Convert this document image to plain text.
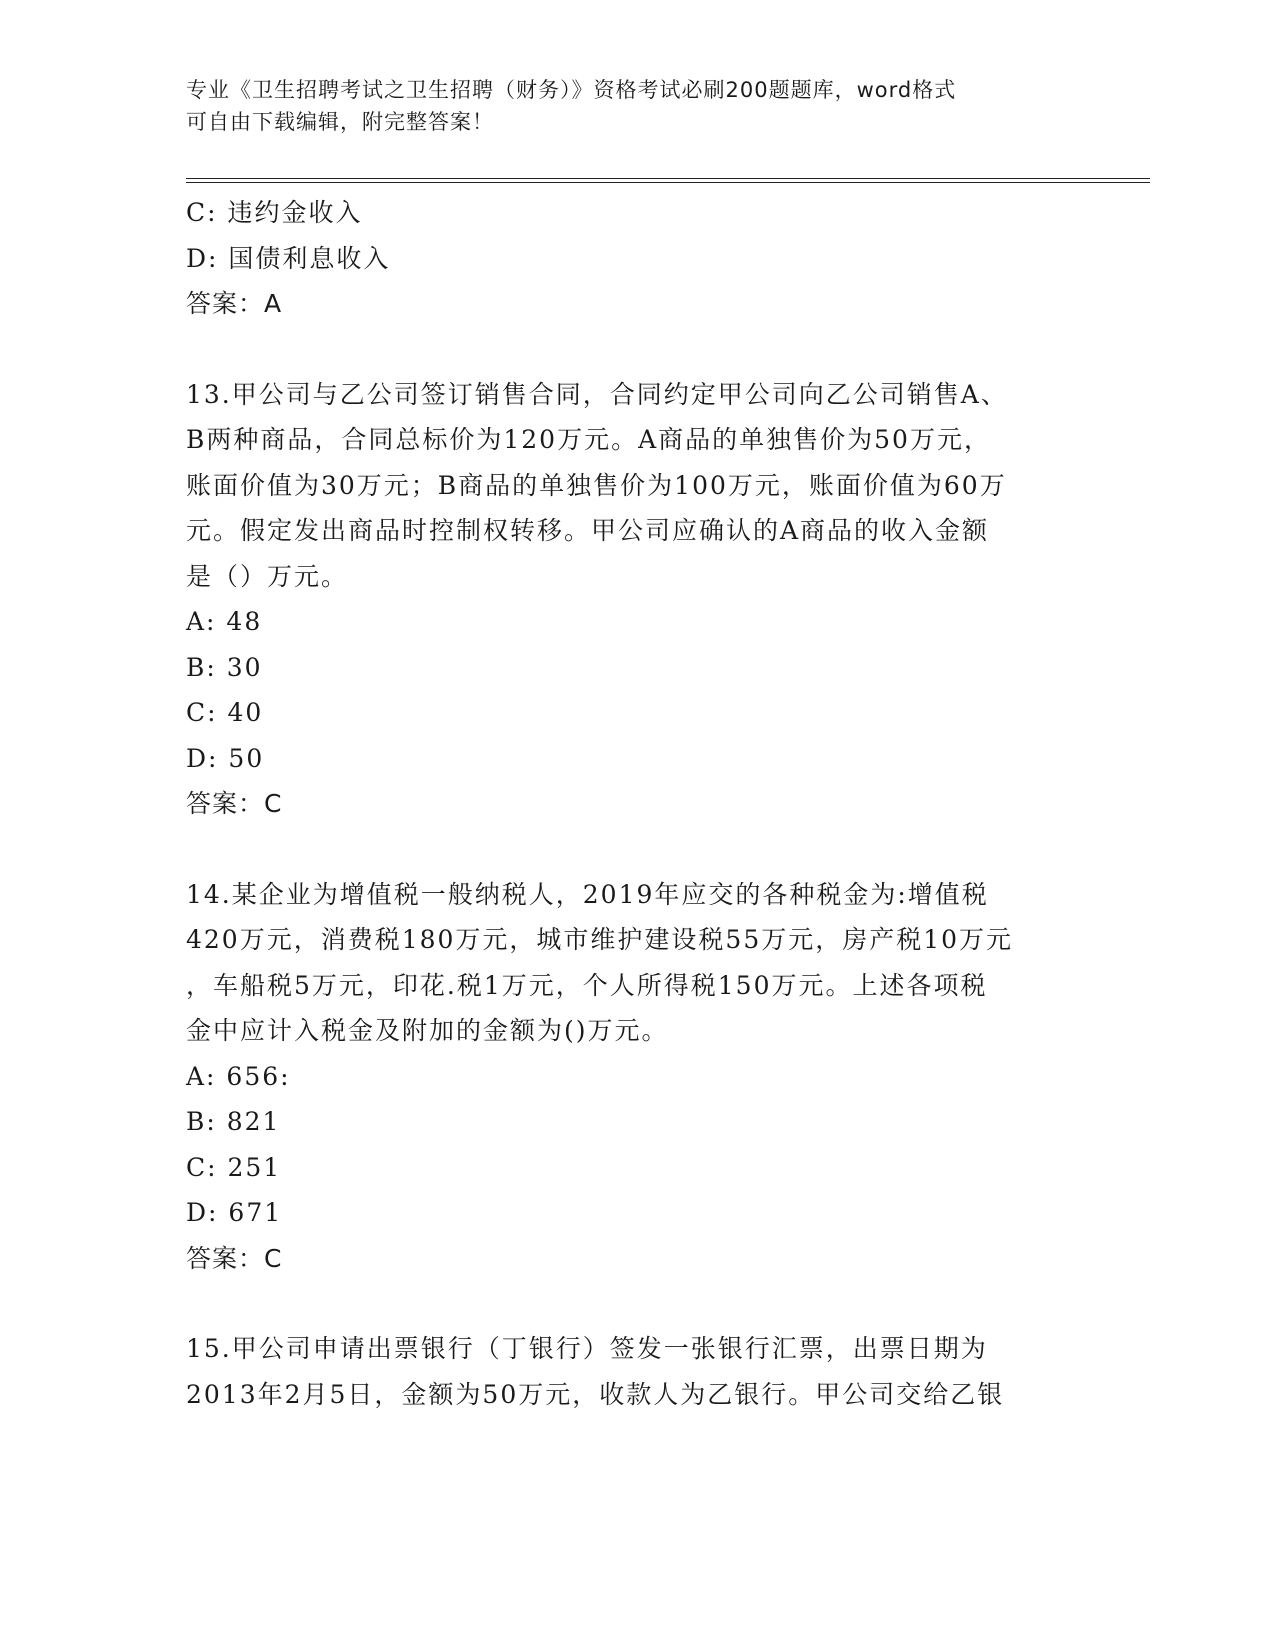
专业《卫生招聘考试之卫生招聘（财务）》资格考试必刷200题题库，word格式
可自由下载编辑，附完整答案！
C: 违约金收入
D: 国债利息收入
答案：A
13.甲公司与乙公司签订销售合同，合同约定甲公司向乙公司销售A、
B两种商品，合同总标价为120万元。A商品的单独售价为50万元，
账面价值为30万元；B商品的单独售价为100万元，账面价值为60万
元。假定发出商品时控制权转移。甲公司应确认的A商品的收入金额
是（）万元。
A: 48
B: 30
C: 40
D: 50
答案：C
14.某企业为增值税一般纳税人，2019年应交的各种税金为:增值税
420万元，消费税180万元，城市维护建设税55万元，房产税10万元
，车船税5万元，印花.税1万元，个人所得税150万元。上述各项税
金中应计入税金及附加的金额为()万元。
A: 656:
B: 821
C: 251
D: 671
答案：C
15.甲公司申请出票银行（丁银行）签发一张银行汇票，出票日期为
2013年2月5日，金额为50万元，收款人为乙银行。甲公司交给乙银
